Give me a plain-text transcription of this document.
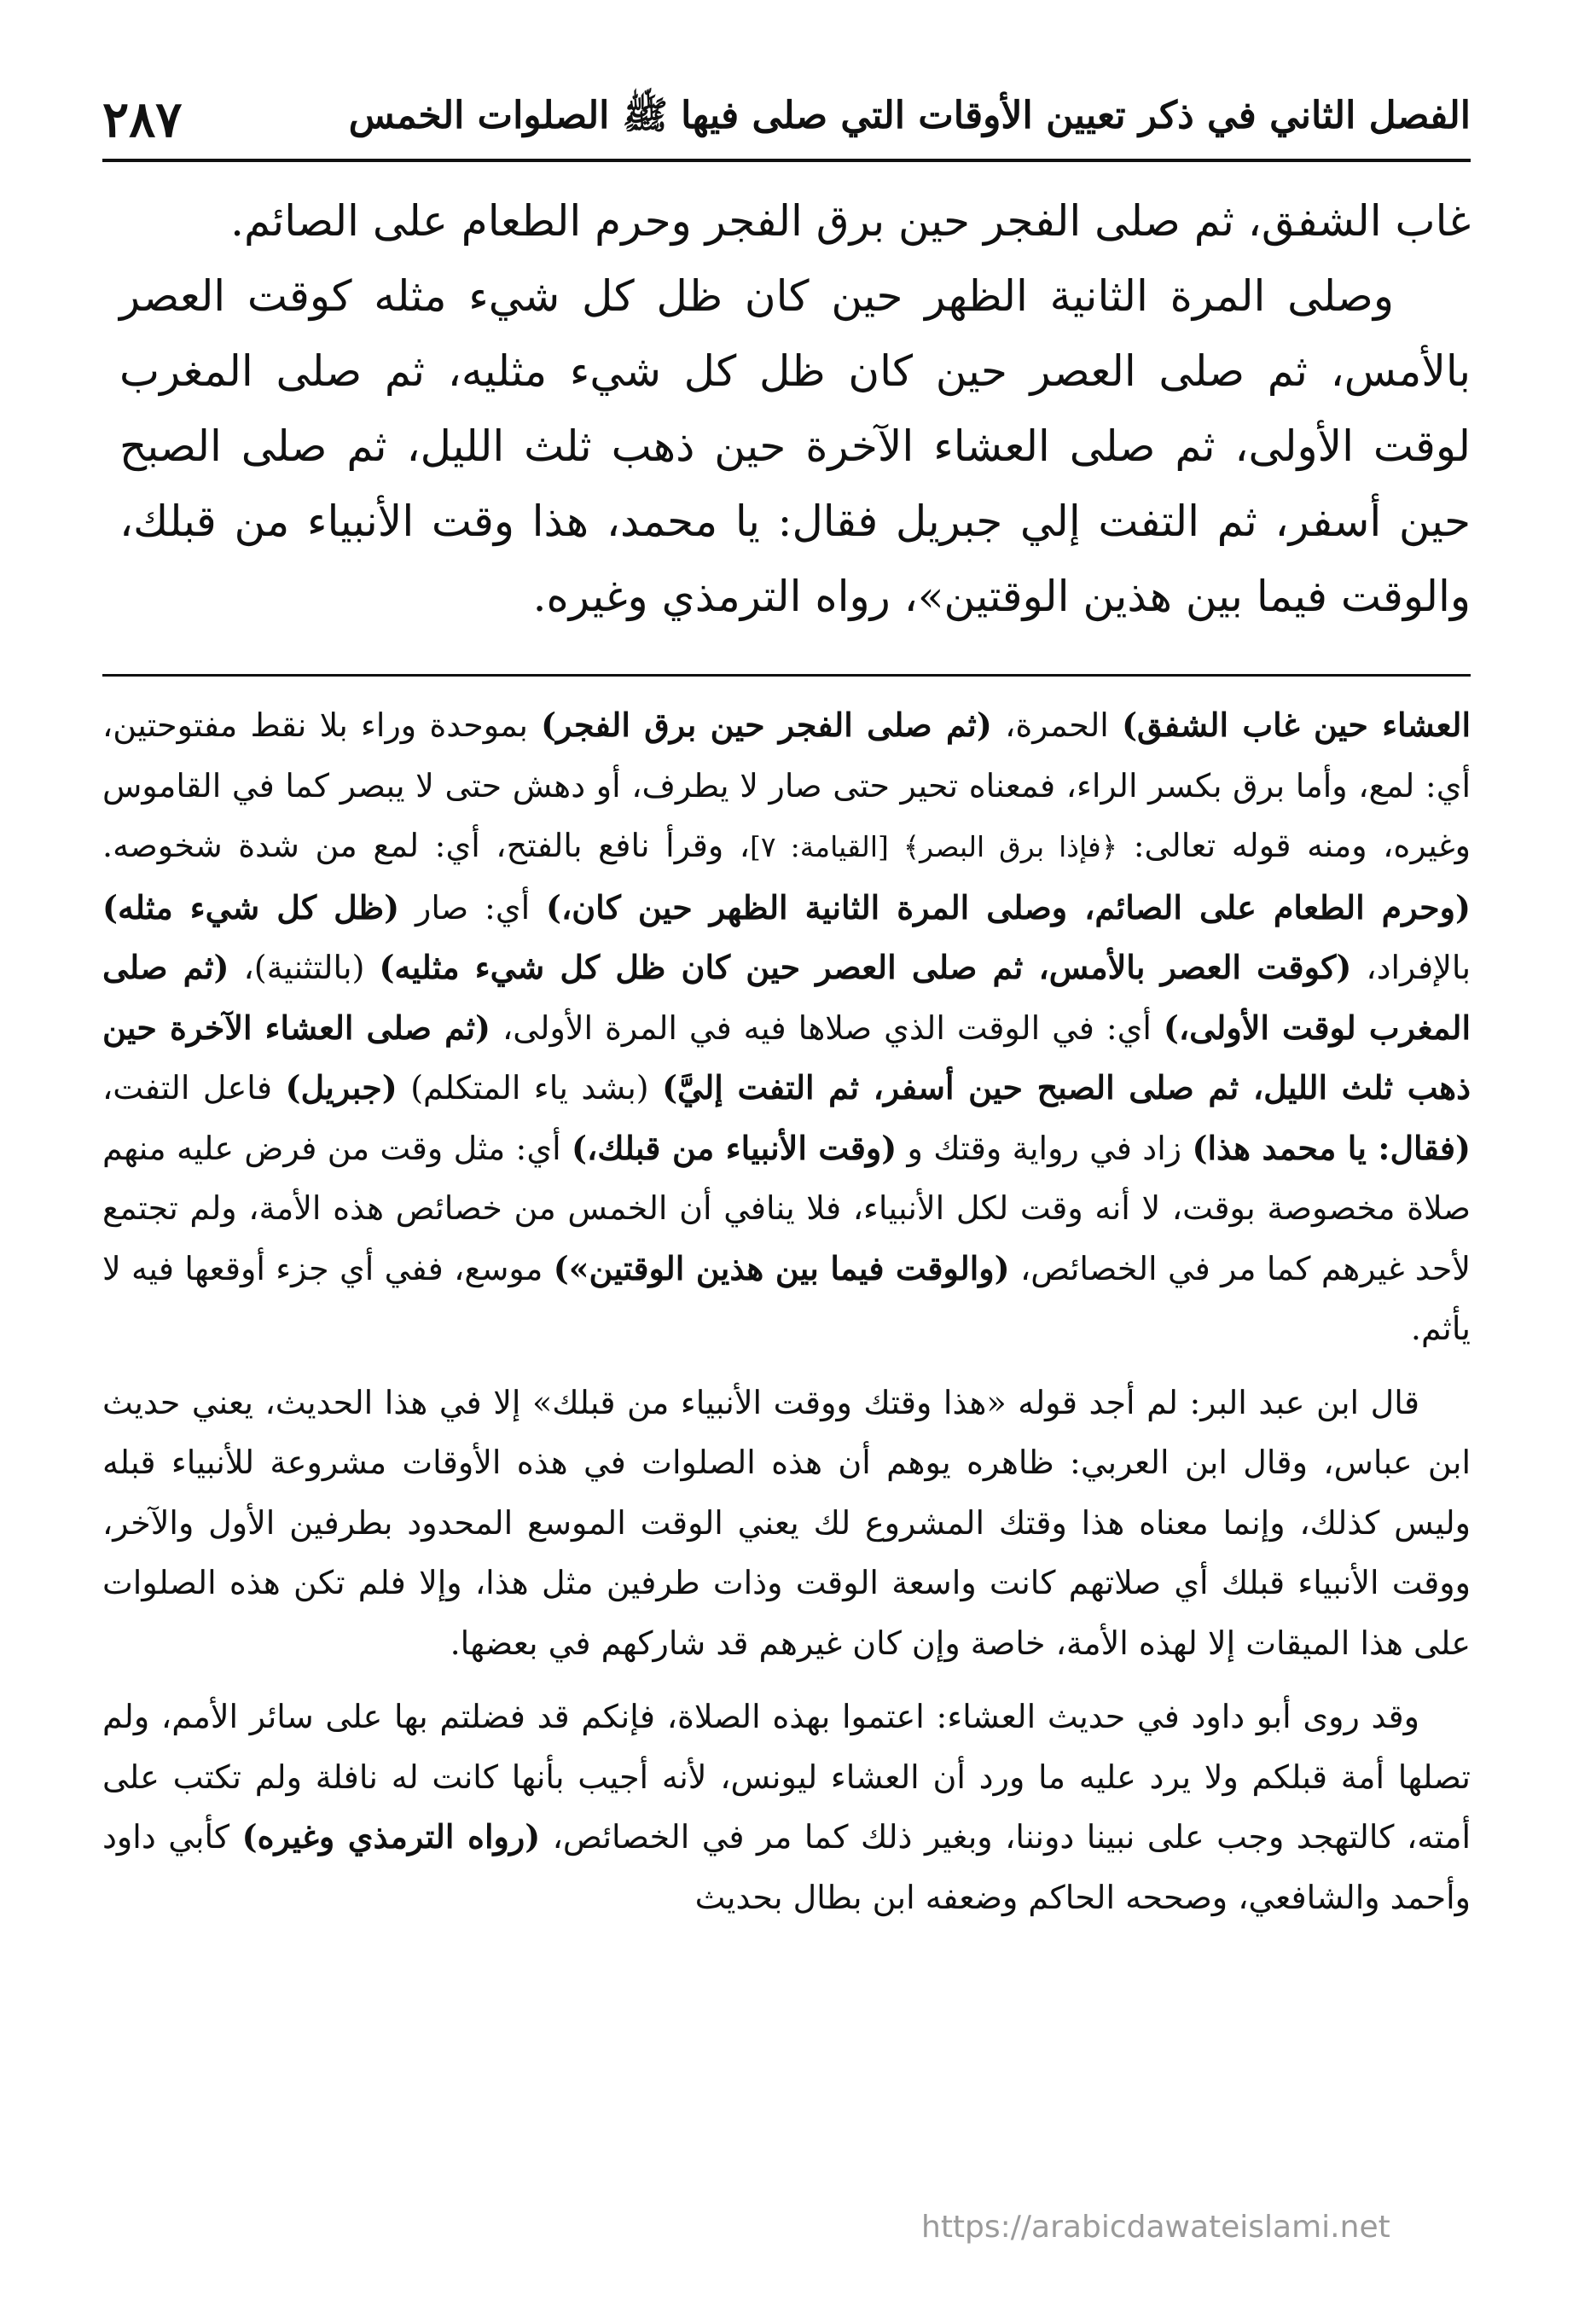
٢٨٧	الفصل الثاني في ذكر تعيين الأوقات التي صلى فيها ﷺ الصلوات الخمس

غاب الشفق، ثم صلى الفجر حين برق الفجر وحرم الطعام على الصائم.

وصلى المرة الثانية الظهر حين كان ظل كل شيء مثله كوقت العصر بالأمس، ثم صلى العصر حين كان ظل كل شيء مثليه، ثم صلى المغرب لوقت الأولى، ثم صلى العشاء الآخرة حين ذهب ثلث الليل، ثم صلى الصبح حين أسفر، ثم التفت إلي جبريل فقال: يا محمد، هذا وقت الأنبياء من قبلك، والوقت فيما بين هذين الوقتين»، رواه الترمذي وغيره.

العشاء حين غاب الشفق) الحمرة، (ثم صلى الفجر حين برق الفجر) بموحدة وراء بلا نقط مفتوحتين، أي: لمع، وأما برق بكسر الراء، فمعناه تحير حتى صار لا يطرف، أو دهش حتى لا يبصر كما في القاموس وغيره، ومنه قوله تعالى: ﴿فإذا برق البصر﴾ [القيامة: ٧]، وقرأ نافع بالفتح، أي: لمع من شدة شخوصه. (وحرم الطعام على الصائم، وصلى المرة الثانية الظهر حين كان،) أي: صار (ظل كل شيء مثله) بالإفراد، (كوقت العصر بالأمس، ثم صلى العصر حين كان ظل كل شيء مثليه) (بالتثنية)، (ثم صلى المغرب لوقت الأولى،) أي: في الوقت الذي صلاها فيه في المرة الأولى، (ثم صلى العشاء الآخرة حين ذهب ثلث الليل، ثم صلى الصبح حين أسفر، ثم التفت إليَّ) (بشد ياء المتكلم) (جبريل) فاعل التفت، (فقال: يا محمد هذا) زاد في رواية وقتك و (وقت الأنبياء من قبلك،) أي: مثل وقت من فرض عليه منهم صلاة مخصوصة بوقت، لا أنه وقت لكل الأنبياء، فلا ينافي أن الخمس من خصائص هذه الأمة، ولم تجتمع لأحد غيرهم كما مر في الخصائص، (والوقت فيما بين هذين الوقتين») موسع، ففي أي جزء أوقعها فيه لا يأثم.

قال ابن عبد البر: لم أجد قوله «هذا وقتك ووقت الأنبياء من قبلك» إلا في هذا الحديث، يعني حديث ابن عباس، وقال ابن العربي: ظاهره يوهم أن هذه الصلوات في هذه الأوقات مشروعة للأنبياء قبله وليس كذلك، وإنما معناه هذا وقتك المشروع لك يعني الوقت الموسع المحدود بطرفين الأول والآخر، ووقت الأنبياء قبلك أي صلاتهم كانت واسعة الوقت وذات طرفين مثل هذا، وإلا فلم تكن هذه الصلوات على هذا الميقات إلا لهذه الأمة، خاصة وإن كان غيرهم قد شاركهم في بعضها.

وقد روى أبو داود في حديث العشاء: اعتموا بهذه الصلاة، فإنكم قد فضلتم بها على سائر الأمم، ولم تصلها أمة قبلكم ولا يرد عليه ما ورد أن العشاء ليونس، لأنه أجيب بأنها كانت له نافلة ولم تكتب على أمته، كالتهجد وجب على نبينا دوننا، وبغير ذلك كما مر في الخصائص، (رواه الترمذي وغيره) كأبي داود وأحمد والشافعي، وصححه الحاكم وضعفه ابن بطال بحديث

https://arabicdawateislami.net
